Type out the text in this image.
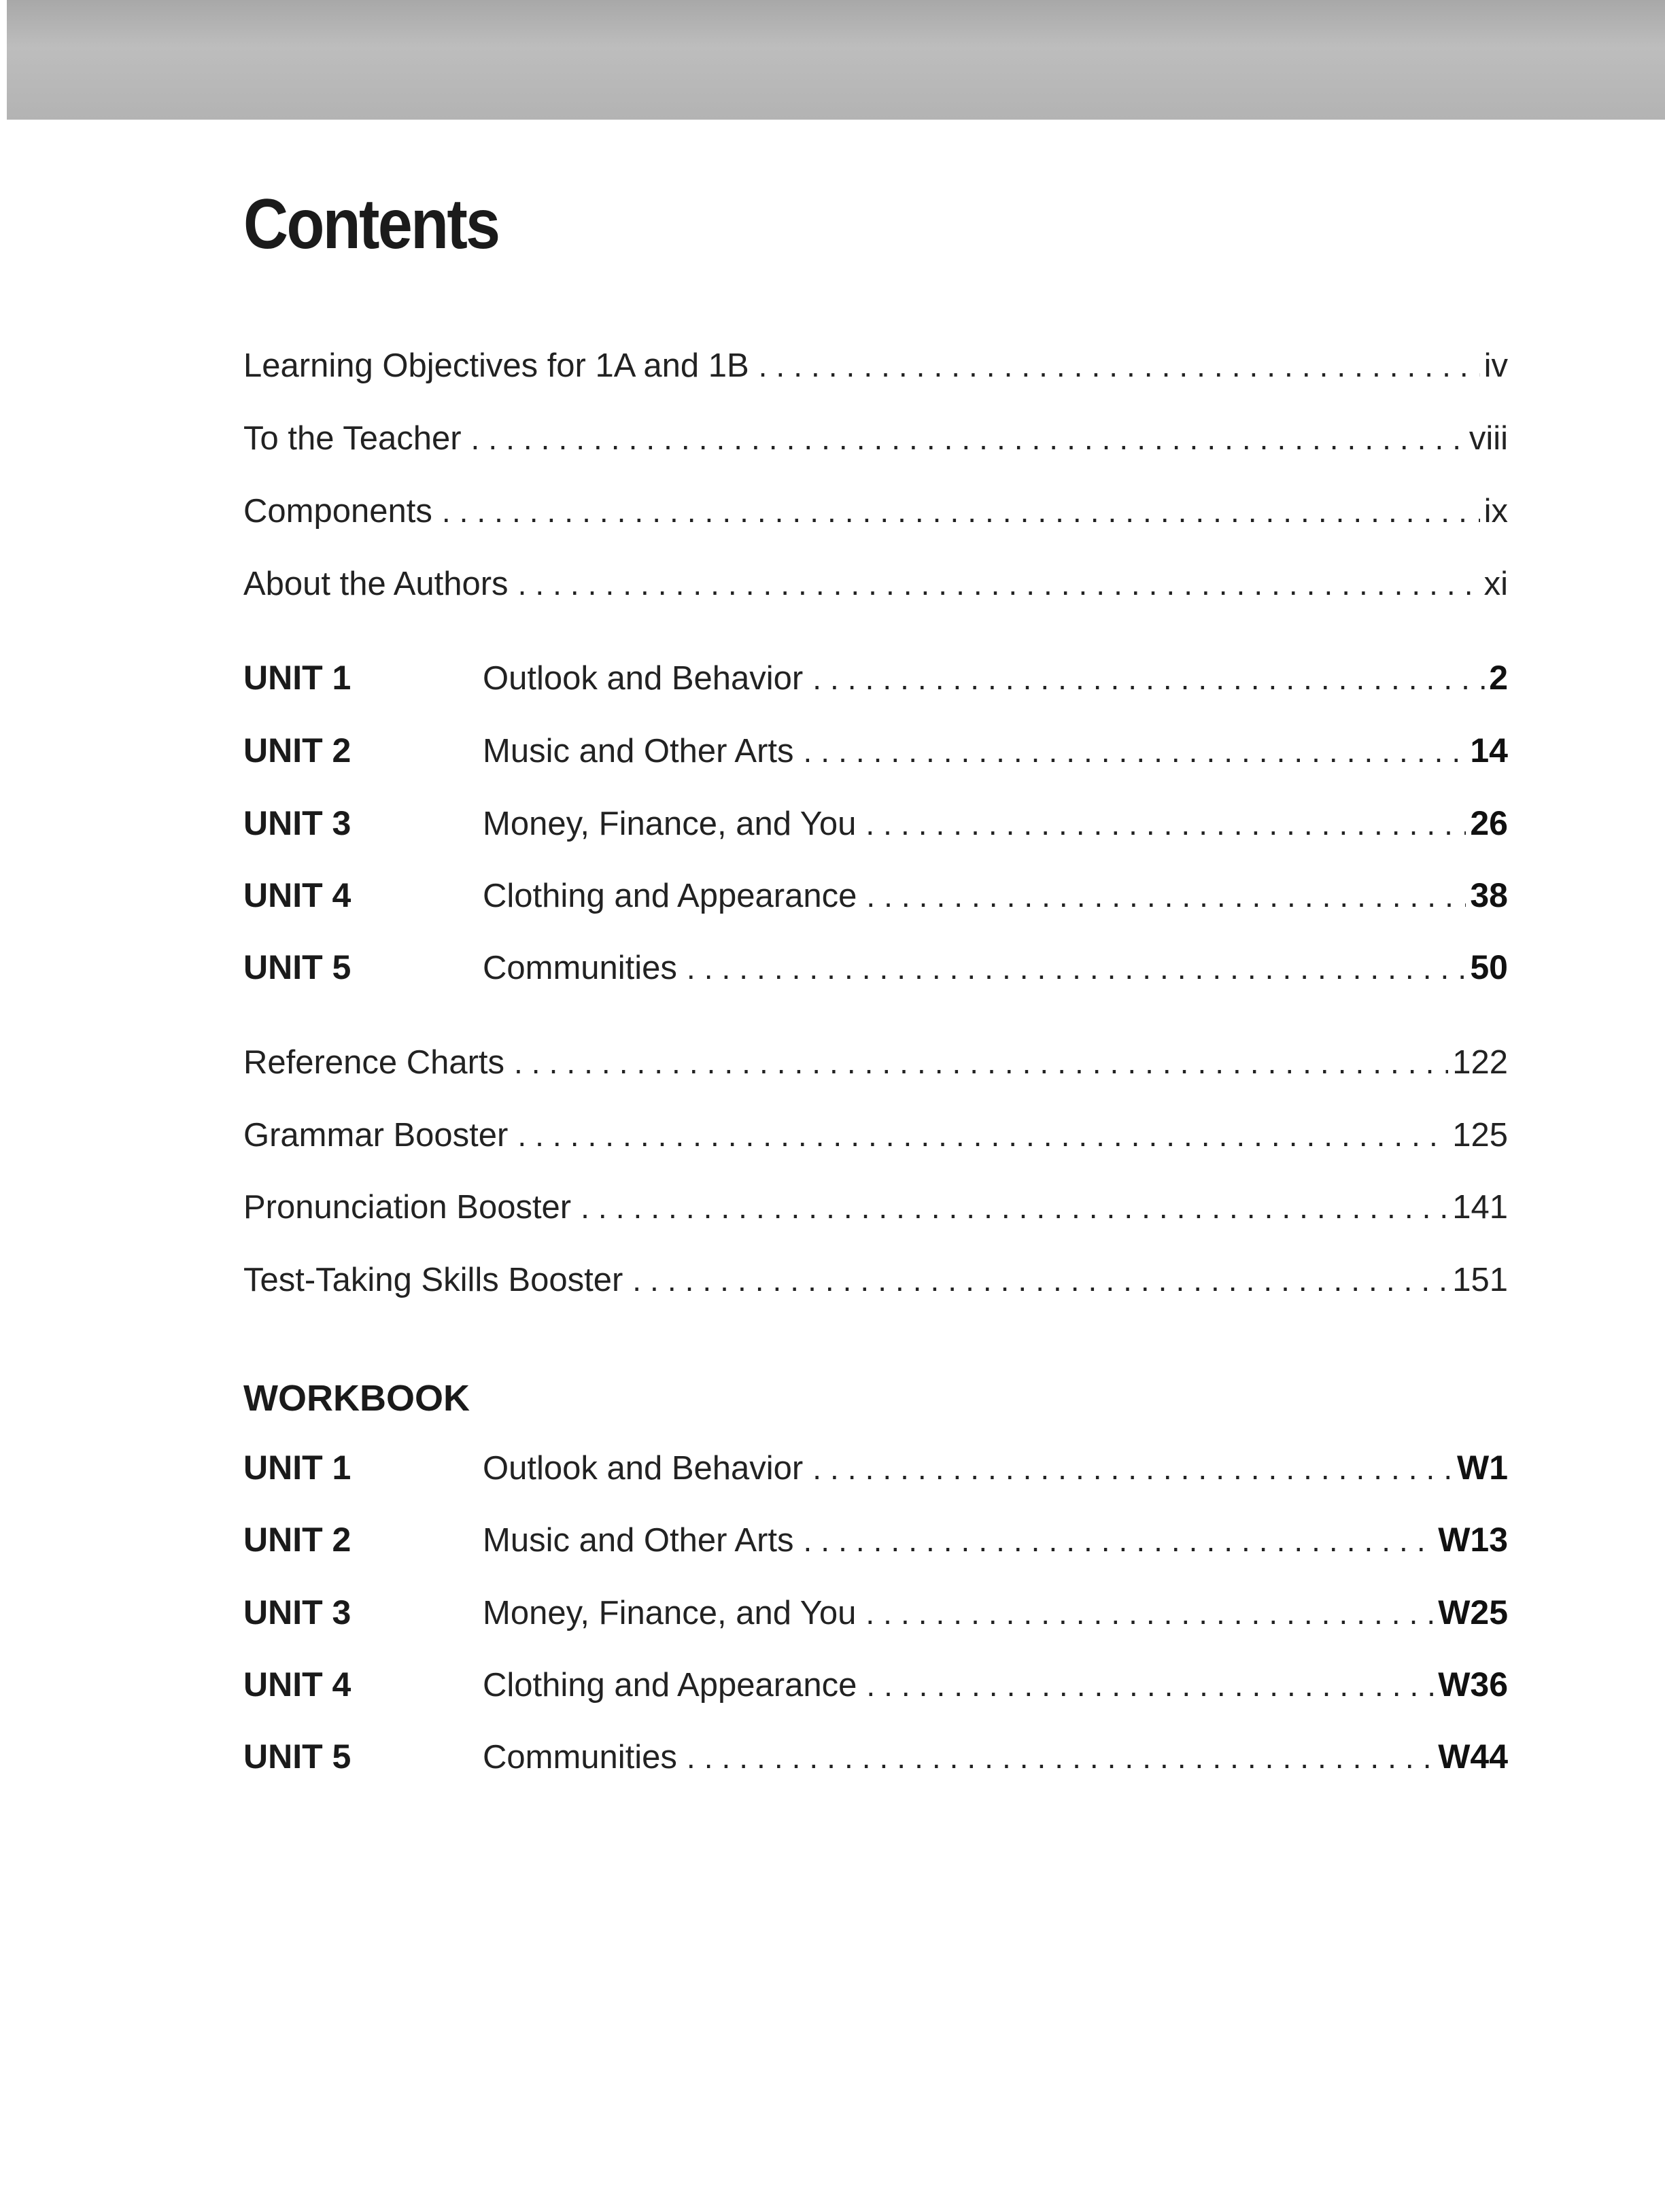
Contents
Learning Objectives for 1A and 1B .....	iv
To the Teacher .....	viii
Components .....	ix
About the Authors .....	xi
UNIT 1	Outlook and Behavior .....	2
UNIT 2	Music and Other Arts .....	14
UNIT 3	Money, Finance, and You .....	26
UNIT 4	Clothing and Appearance .....	38
UNIT 5	Communities .....	50
Reference Charts .....	122
Grammar Booster .....	125
Pronunciation Booster .....	141
Test-Taking Skills Booster .....	151
WORKBOOK
UNIT 1	Outlook and Behavior .....	W1
UNIT 2	Music and Other Arts .....	W13
UNIT 3	Money, Finance, and You .....	W25
UNIT 4	Clothing and Appearance .....	W36
UNIT 5	Communities .....	W44
